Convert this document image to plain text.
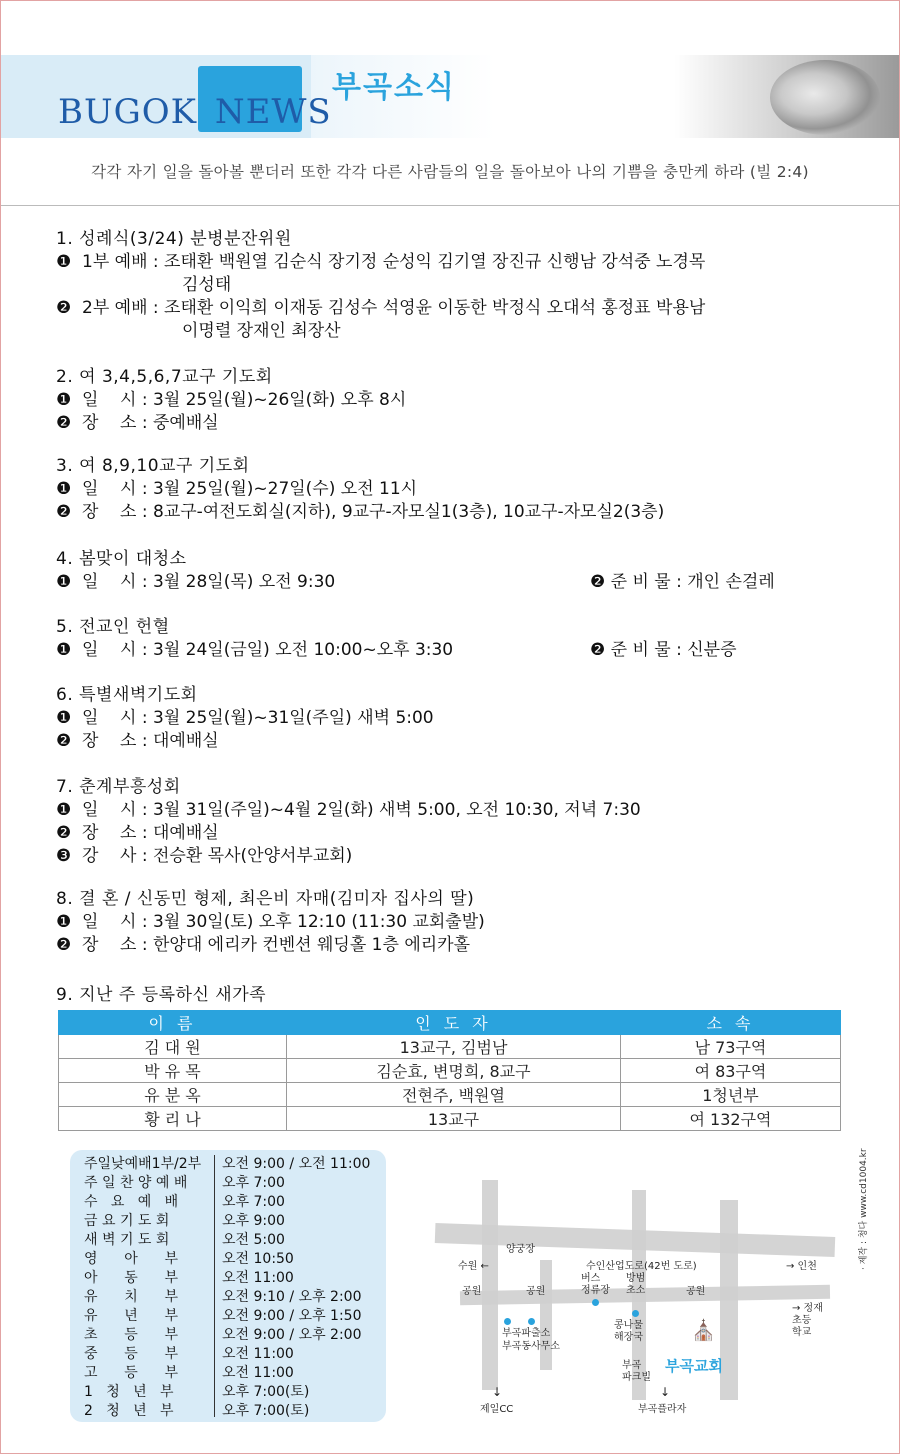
BUGOK NEWS
부곡소식
각각 자기 일을 돌아볼 뿐더러 또한 각각 다른 사람들의 일을 돌아보아 나의 기쁨을 충만케 하라 (빌 2:4)
1. 성례식(3/24) 분병분잔위원
❶ 1부 예배 : 조태환 백원열 김순식 장기정 순성익 김기열 장진규 신행남 강석중 노경목
김성태
❷ 2부 예배 : 조태환 이익희 이재동 김성수 석영윤 이동한 박정식 오대석 홍정표 박용남
이명렬 장재인 최장산
2. 여 3,4,5,6,7교구 기도회
❶ 일    시 : 3월 25일(월)~26일(화) 오후 8시
❷ 장    소 : 중예배실
3. 여 8,9,10교구 기도회
❶ 일    시 : 3월 25일(월)~27일(수) 오전 11시
❷ 장    소 : 8교구-여전도회실(지하), 9교구-자모실1(3층), 10교구-자모실2(3층)
4. 봄맞이 대청소
❶ 일    시 : 3월 28일(목) 오전 9:30	❷ 준 비 물 : 개인 손걸레
5. 전교인 헌혈
❶ 일    시 : 3월 24일(금일) 오전 10:00~오후 3:30	❷ 준 비 물 : 신분증
6. 특별새벽기도회
❶ 일    시 : 3월 25일(월)~31일(주일) 새벽 5:00
❷ 장    소 : 대예배실
7. 춘계부흥성회
❶ 일    시 : 3월 31일(주일)~4월 2일(화) 새벽 5:00, 오전 10:30, 저녁 7:30
❷ 장    소 : 대예배실
❸ 강    사 : 전승환 목사(안양서부교회)
8. 결 혼 / 신동민 형제, 최은비 자매(김미자 집사의 딸)
❶ 일    시 : 3월 30일(토) 오후 12:10 (11:30 교회출발)
❷ 장    소 : 한양대 에리카 컨벤션 웨딩홀 1층 에리카홀
9. 지난 주 등록하신 새가족
이 름	인 도 자	소 속
김 대 원	13교구, 김범남	남 73구역
박 유 목	김순효, 변명희, 8교구	여 83구역
유 분 옥	전현주, 백원열	1청년부
황 리 나	13교구	여 132구역
주일낮예배1부/2부 오전 9:00 / 오전 11:00
주 일 찬 양 예 배 오후 7:00
수   요   예   배	오후 7:00
금 요 기 도 회	오후 9:00
새 벽 기 도 회	오전 5:00
영      아      부	오전 10:50
아      동      부	오전 11:00
유      치      부	오전 9:10 / 오후 2:00
유      년      부	오전 9:00 / 오후 1:50
초      등      부	오전 9:00 / 오후 2:00
중      등      부	오전 11:00
고      등      부	오전 11:00
1   청   년   부	오후 7:00(토)
2   청   년   부	오후 7:00(토)
양궁장
수원 ←	수인산업도로(42번 도로)	→ 인천
공원	공원	공원
버스
정류장
방범
초소
→ 정재
초등
학교
부곡파출소
부곡동사무소
콩나물
해장국 ⛪
부곡교회
부곡
파크빌
↓
제일CC
↓
부곡플라자
· 제작 : 청다 www.cd1004.kr
